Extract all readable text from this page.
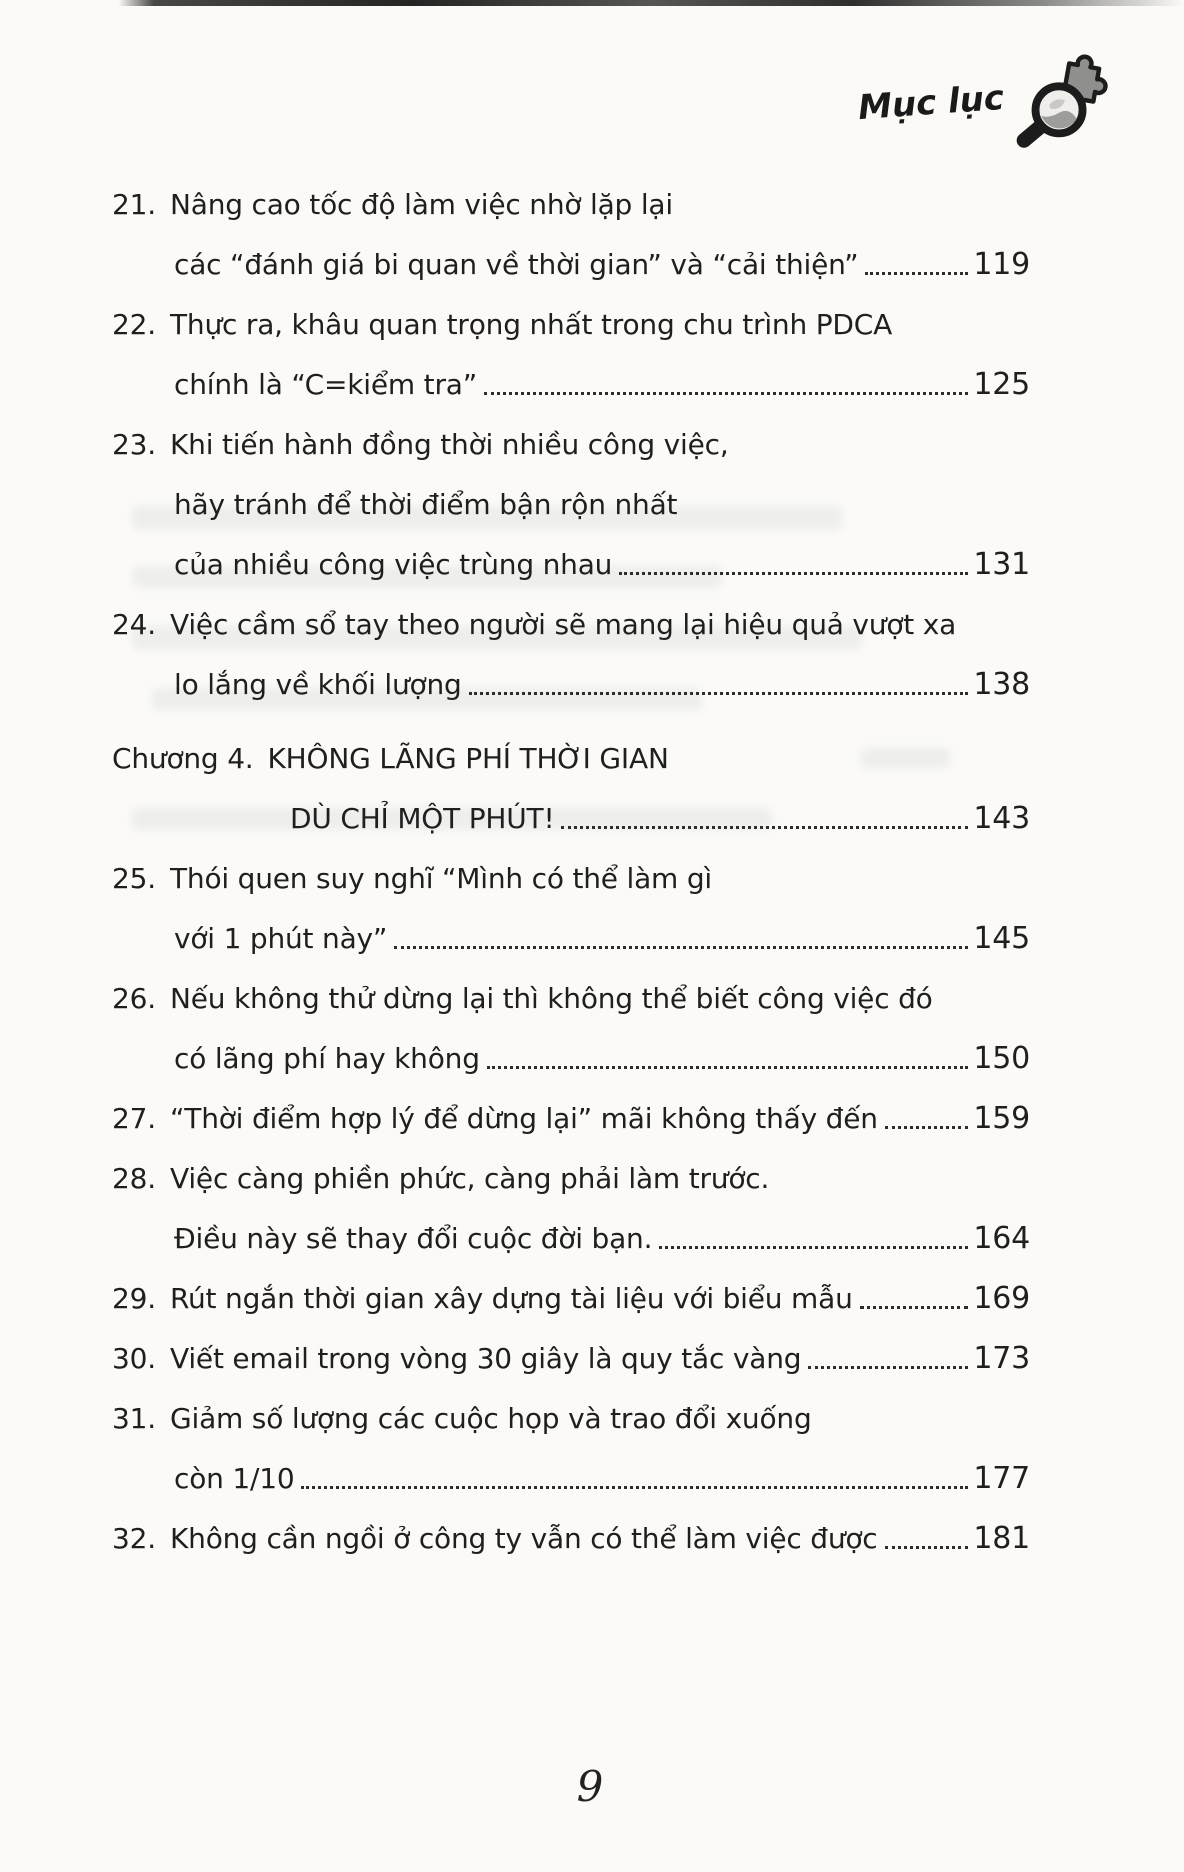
Mục lục
21. Nâng cao tốc độ làm việc nhờ lặp lại
các “đánh giá bi quan về thời gian” và “cải thiện”	119
22. Thực ra, khâu quan trọng nhất trong chu trình PDCA
chính là “C=kiểm tra”	125
23. Khi tiến hành đồng thời nhiều công việc,
hãy tránh để thời điểm bận rộn nhất
của nhiều công việc trùng nhau	131
24. Việc cầm sổ tay theo người sẽ mang lại hiệu quả vượt xa
lo lắng về khối lượng	138
Chương 4. KHÔNG LÃNG PHÍ THỜI GIAN
DÙ CHỈ MỘT PHÚT!	143
25. Thói quen suy nghĩ “Mình có thể làm gì
với 1 phút này”	145
26. Nếu không thử dừng lại thì không thể biết công việc đó
có lãng phí hay không	150
27. “Thời điểm hợp lý để dừng lại” mãi không thấy đến	159
28. Việc càng phiền phức, càng phải làm trước.
Điều này sẽ thay đổi cuộc đời bạn.	164
29. Rút ngắn thời gian xây dựng tài liệu với biểu mẫu	169
30. Viết email trong vòng 30 giây là quy tắc vàng	173
31. Giảm số lượng các cuộc họp và trao đổi xuống
còn 1/10	177
32. Không cần ngồi ở công ty vẫn có thể làm việc được	181
9
